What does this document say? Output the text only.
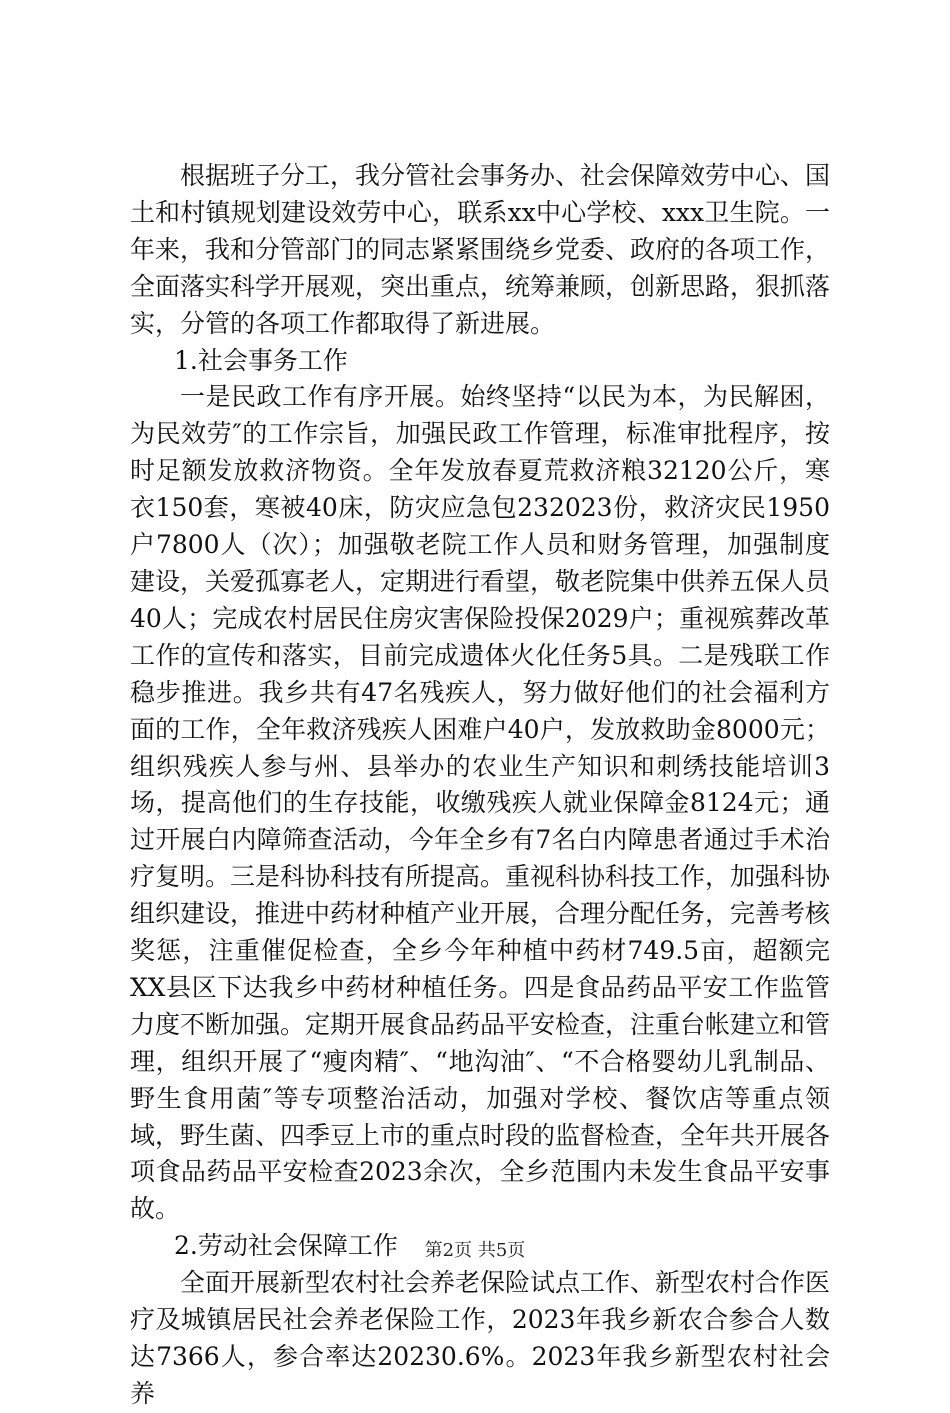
根据班子分工，我分管社会事务办、社会保障效劳中心、国土和村镇规划建设效劳中心，联系xx中心学校、xxx卫生院。一年来，我和分管部门的同志紧紧围绕乡党委、政府的各项工作，全面落实科学开展观，突出重点，统筹兼顾，创新思路，狠抓落实，分管的各项工作都取得了新进展。

1.社会事务工作

一是民政工作有序开展。始终坚持“以民为本，为民解困，为民效劳″的工作宗旨，加强民政工作管理，标准审批程序，按时足额发放救济物资。全年发放春夏荒救济粮32120公斤，寒衣150套，寒被40床，防灾应急包232023份，救济灾民1950户7800人（次）；加强敬老院工作人员和财务管理，加强制度建设，关爱孤寡老人，定期进行看望，敬老院集中供养五保人员40人；完成农村居民住房灾害保险投保2029户；重视殡葬改革工作的宣传和落实，目前完成遗体火化任务5具。二是残联工作稳步推进。我乡共有47名残疾人，努力做好他们的社会福利方面的工作，全年救济残疾人困难户40户，发放救助金8000元；组织残疾人参与州、县举办的农业生产知识和刺绣技能培训3场，提高他们的生存技能，收缴残疾人就业保障金8124元；通过开展白内障筛查活动，今年全乡有7名白内障患者通过手术治疗复明。三是科协科技有所提高。重视科协科技工作，加强科协组织建设，推进中药材种植产业开展，合理分配任务，完善考核奖惩，注重催促检查，全乡今年种植中药材749.5亩，超额完XX县区下达我乡中药材种植任务。四是食品药品平安工作监管力度不断加强。定期开展食品药品平安检查，注重台帐建立和管理，组织开展了“瘦肉精″、“地沟油″、“不合格婴幼儿乳制品、野生食用菌″等专项整治活动，加强对学校、餐饮店等重点领域，野生菌、四季豆上市的重点时段的监督检查，全年共开展各项食品药品平安检查2023余次，全乡范围内未发生食品平安事故。

2.劳动社会保障工作

全面开展新型农村社会养老保险试点工作、新型农村合作医疗及城镇居民社会养老保险工作，2023年我乡新农合参合人数达7366人，参合率达20230.6%。2023年我乡新型农村社会养

第2页 共5页
